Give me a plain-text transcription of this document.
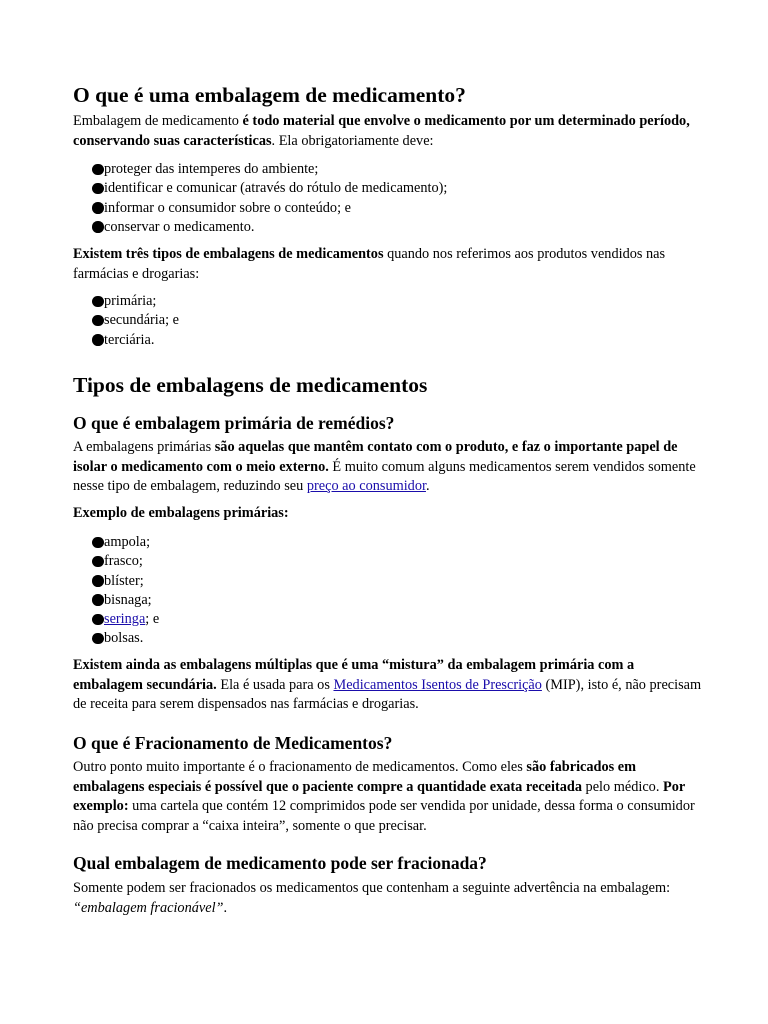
O que é uma embalagem de medicamento?

Embalagem de medicamento é todo material que envolve o medicamento por um determinado período, conservando suas características. Ela obrigatoriamente deve:

proteger das intemperes do ambiente;
identificar e comunicar (através do rótulo de medicamento);
informar o consumidor sobre o conteúdo; e
conservar o medicamento.

Existem três tipos de embalagens de medicamentos quando nos referimos aos produtos vendidos nas farmácias e drogarias:

primária;
secundária; e
terciária.
Tipos de embalagens de medicamentos
O que é embalagem primária de remédios?

A embalagens primárias são aquelas que mantêm contato com o produto, e faz o importante papel de isolar o medicamento com o meio externo. É muito comum alguns medicamentos serem vendidos somente nesse tipo de embalagem, reduzindo seu preço ao consumidor.

Exemplo de embalagens primárias:

ampola;
frasco;
blíster;
bisnaga;
seringa; e
bolsas.

Existem ainda as embalagens múltiplas que é uma “mistura” da embalagem primária com a embalagem secundária. Ela é usada para os Medicamentos Isentos de Prescrição (MIP), isto é, não precisam de receita para serem dispensados nas farmácias e drogarias.

O que é Fracionamento de Medicamentos?

Outro ponto muito importante é o fracionamento de medicamentos. Como eles são fabricados em embalagens especiais é possível que o paciente compre a quantidade exata receitada pelo médico. Por exemplo: uma cartela que contém 12 comprimidos pode ser vendida por unidade, dessa forma o consumidor não precisa comprar a “caixa inteira”, somente o que precisar.

Qual embalagem de medicamento pode ser fracionada?

Somente podem ser fracionados os medicamentos que contenham a seguinte advertência na embalagem: “embalagem fracionável”.
